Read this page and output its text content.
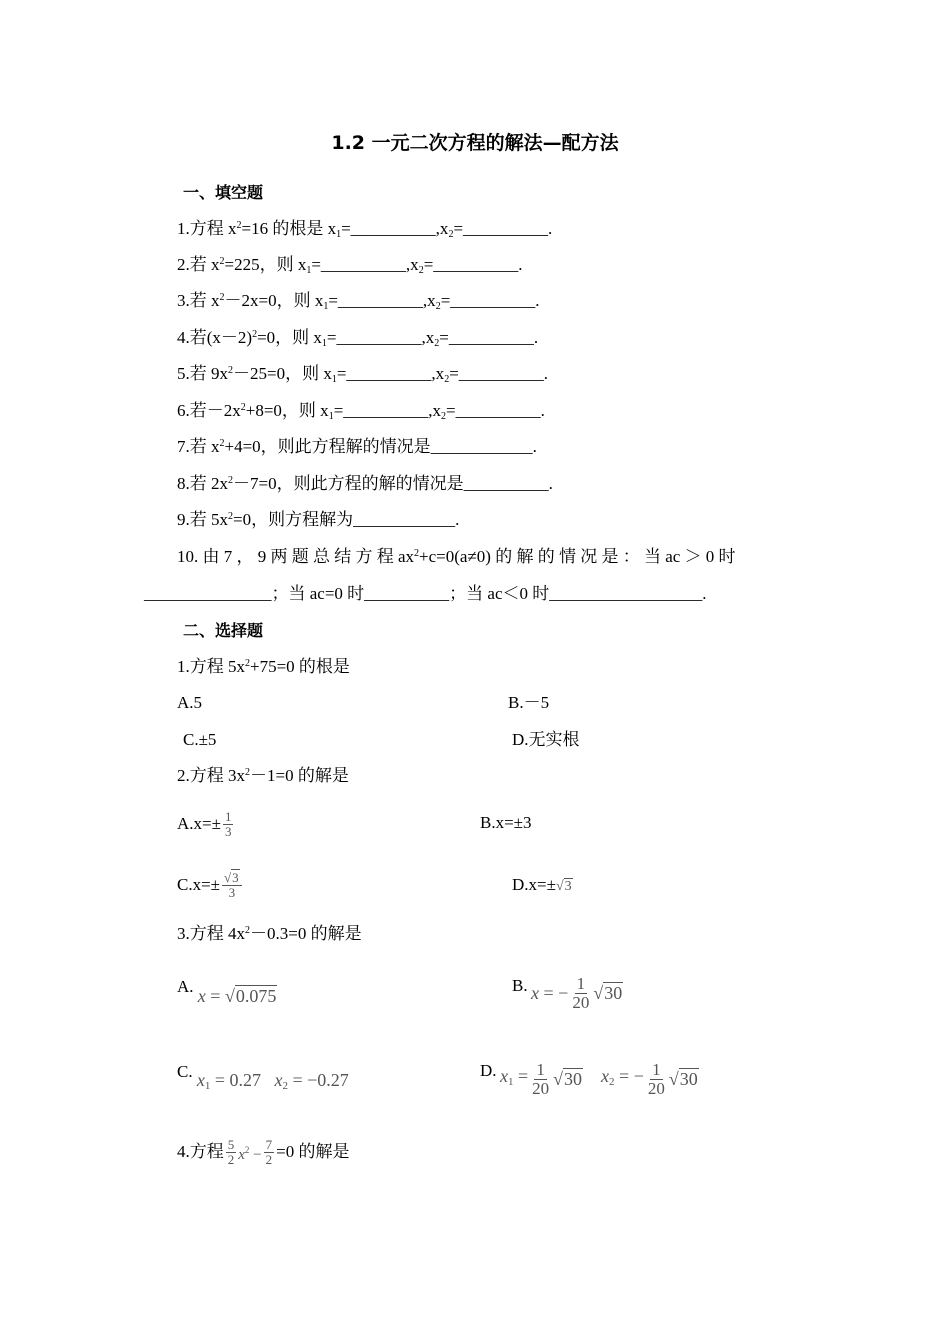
1.2 一元二次方程的解法—配方法
一、填空题
1.方程 $x^2=16$ 的根是 $x_1=\_\_\_\_\_\_\_\_\_\_,x_2=\_\_\_\_\_\_\_\_\_\_$.
2.若 $x^2=225$，则 $x_1=\_\_\_\_\_\_\_\_\_\_,x_2=\_\_\_\_\_\_\_\_\_\_$.
3.若 $x^2-2x=0$，则 $x_1=\_\_\_\_\_\_\_\_\_\_,x_2=\_\_\_\_\_\_\_\_\_\_$.
4.若$(x-2)^2=0$，则 $x_1=\_\_\_\_\_\_\_\_\_\_,x_2=\_\_\_\_\_\_\_\_\_\_$.
5.若 $9x^2-25=0$，则 $x_1=\_\_\_\_\_\_\_\_\_\_,x_2=\_\_\_\_\_\_\_\_\_\_$.
6.若$-2x^2+8=0$，则 $x_1=\_\_\_\_\_\_\_\_\_\_,x_2=\_\_\_\_\_\_\_\_\_\_$.
7.若 $x^2+4=0$，则此方程解的情况是____________.
8.若 $2x^2-7=0$，则此方程的解的情况是__________.
9.若 $5x^2=0$，则方程解为____________.
10. 由 7 ， 9 两 题 总 结 方 程 $ax^2+c=0(a\ne 0)$ 的 解 的 情 况 是 ： 当 ac ＞ 0 时
_______________；当 ac=0 时__________；当 ac＜0 时__________________.
二、选择题
1.方程 $5x^2+75=0$ 的根是
A.5	B.－5
C.±5	D.无实根
2.方程 $3x^2-1=0$ 的解是
$A.x=\pm \frac{1}{3}$	B.x=±3
$C.x=\pm \frac{√3}{3}$	D.x=±√3
3.方程 $4x^2-0.3=0$ 的解是
A. x = √0.075
B. x = − $\frac{1}{20} √30$
C. x1 = 0.27 x2 = −0.27	D. $x1 = \frac{1}{20} √30$ x2 = − $\frac{1}{20} √30$
4.方程 $\frac{5}{2} x^2 - \frac{7}{2} =0$ 的解是
